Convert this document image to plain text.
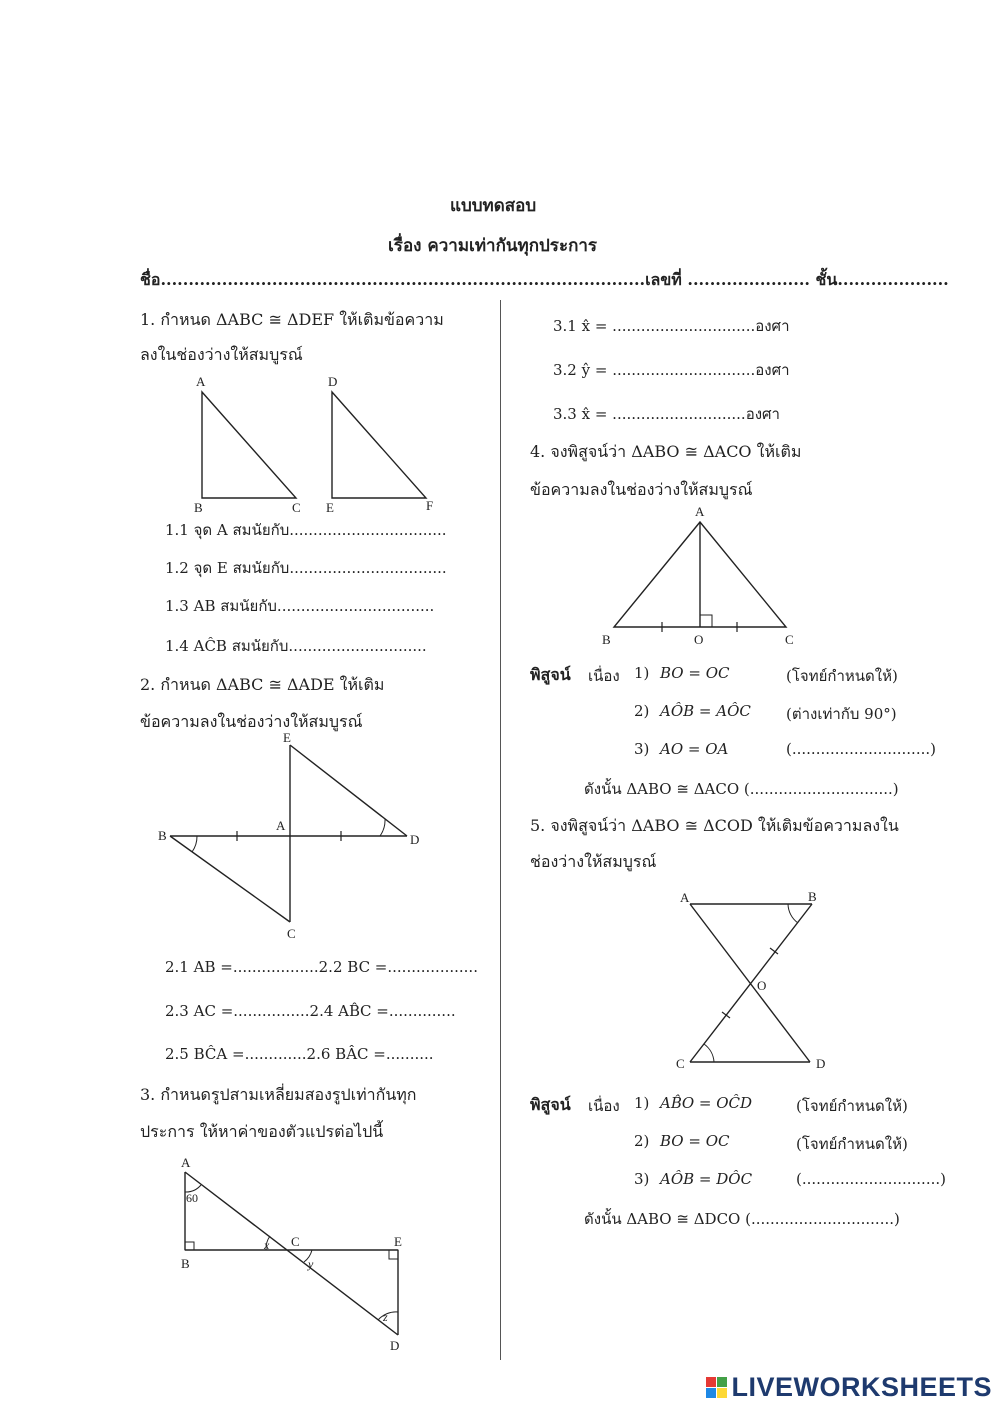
แบบทดสอบ
เรื่อง ความเท่ากันทุกประการ
ชื่อ.......................................................................................เลขที่ ...................... ชั้น....................
1. กำหนด ΔABC ≅ ΔDEF ให้เติมข้อความ
ลงในช่องว่างให้สมบูรณ์
A
B	C
D
E	F
1.1 จุด A สมนัยกับ.................................
1.2 จุด E สมนัยกับ.................................
1.3 AB สมนัยกับ.................................
1.4 AĈB สมนัยกับ.............................
2. กำหนด ΔABC ≅ ΔADE ให้เติม
ข้อความลงในช่องว่างให้สมบูรณ์
E
A
B	D
C
2.1 AB =..................2.2 BC =...................
2.3 AC =................2.4 AB̂C =..............
2.5 BĈA =.............2.6 BÂC =..........
3. กำหนดรูปสามเหลี่ยมสองรูปเท่ากันทุก
ประการ ให้หาค่าของตัวแปรต่อไปนี้
A
B
C	E
D
60
x
y
z
3.1 x̂ = ..............................องศา
3.2 ŷ = ..............................องศา
3.3 x̂ = ............................องศา
4. จงพิสูจน์ว่า ΔABO ≅ ΔACO ให้เติม
ข้อความลงในช่องว่างให้สมบูรณ์
A
B	O	C
พิสูจน์ เนื่อง 1) BO = OC	(โจทย์กำหนดให้)
2) AÔB = AÔC (ต่างเท่ากับ 90°)
3) AO = OA	(.............................)
ดังนั้น ΔABO ≅ ΔACO (..............................)
5. จงพิสูจน์ว่า ΔABO ≅ ΔCOD ให้เติมข้อความลงใน
ช่องว่างให้สมบูรณ์
A	B
O
C	D
พิสูจน์ เนื่อง 1) AB̂O = OĈD	(โจทย์กำหนดให้)
2) BO = OC	(โจทย์กำหนดให้)
3) AÔB = DÔC	(.............................)
ดังนั้น ΔABO ≅ ΔDCO (..............................)
LIVEWORKSHEETS
